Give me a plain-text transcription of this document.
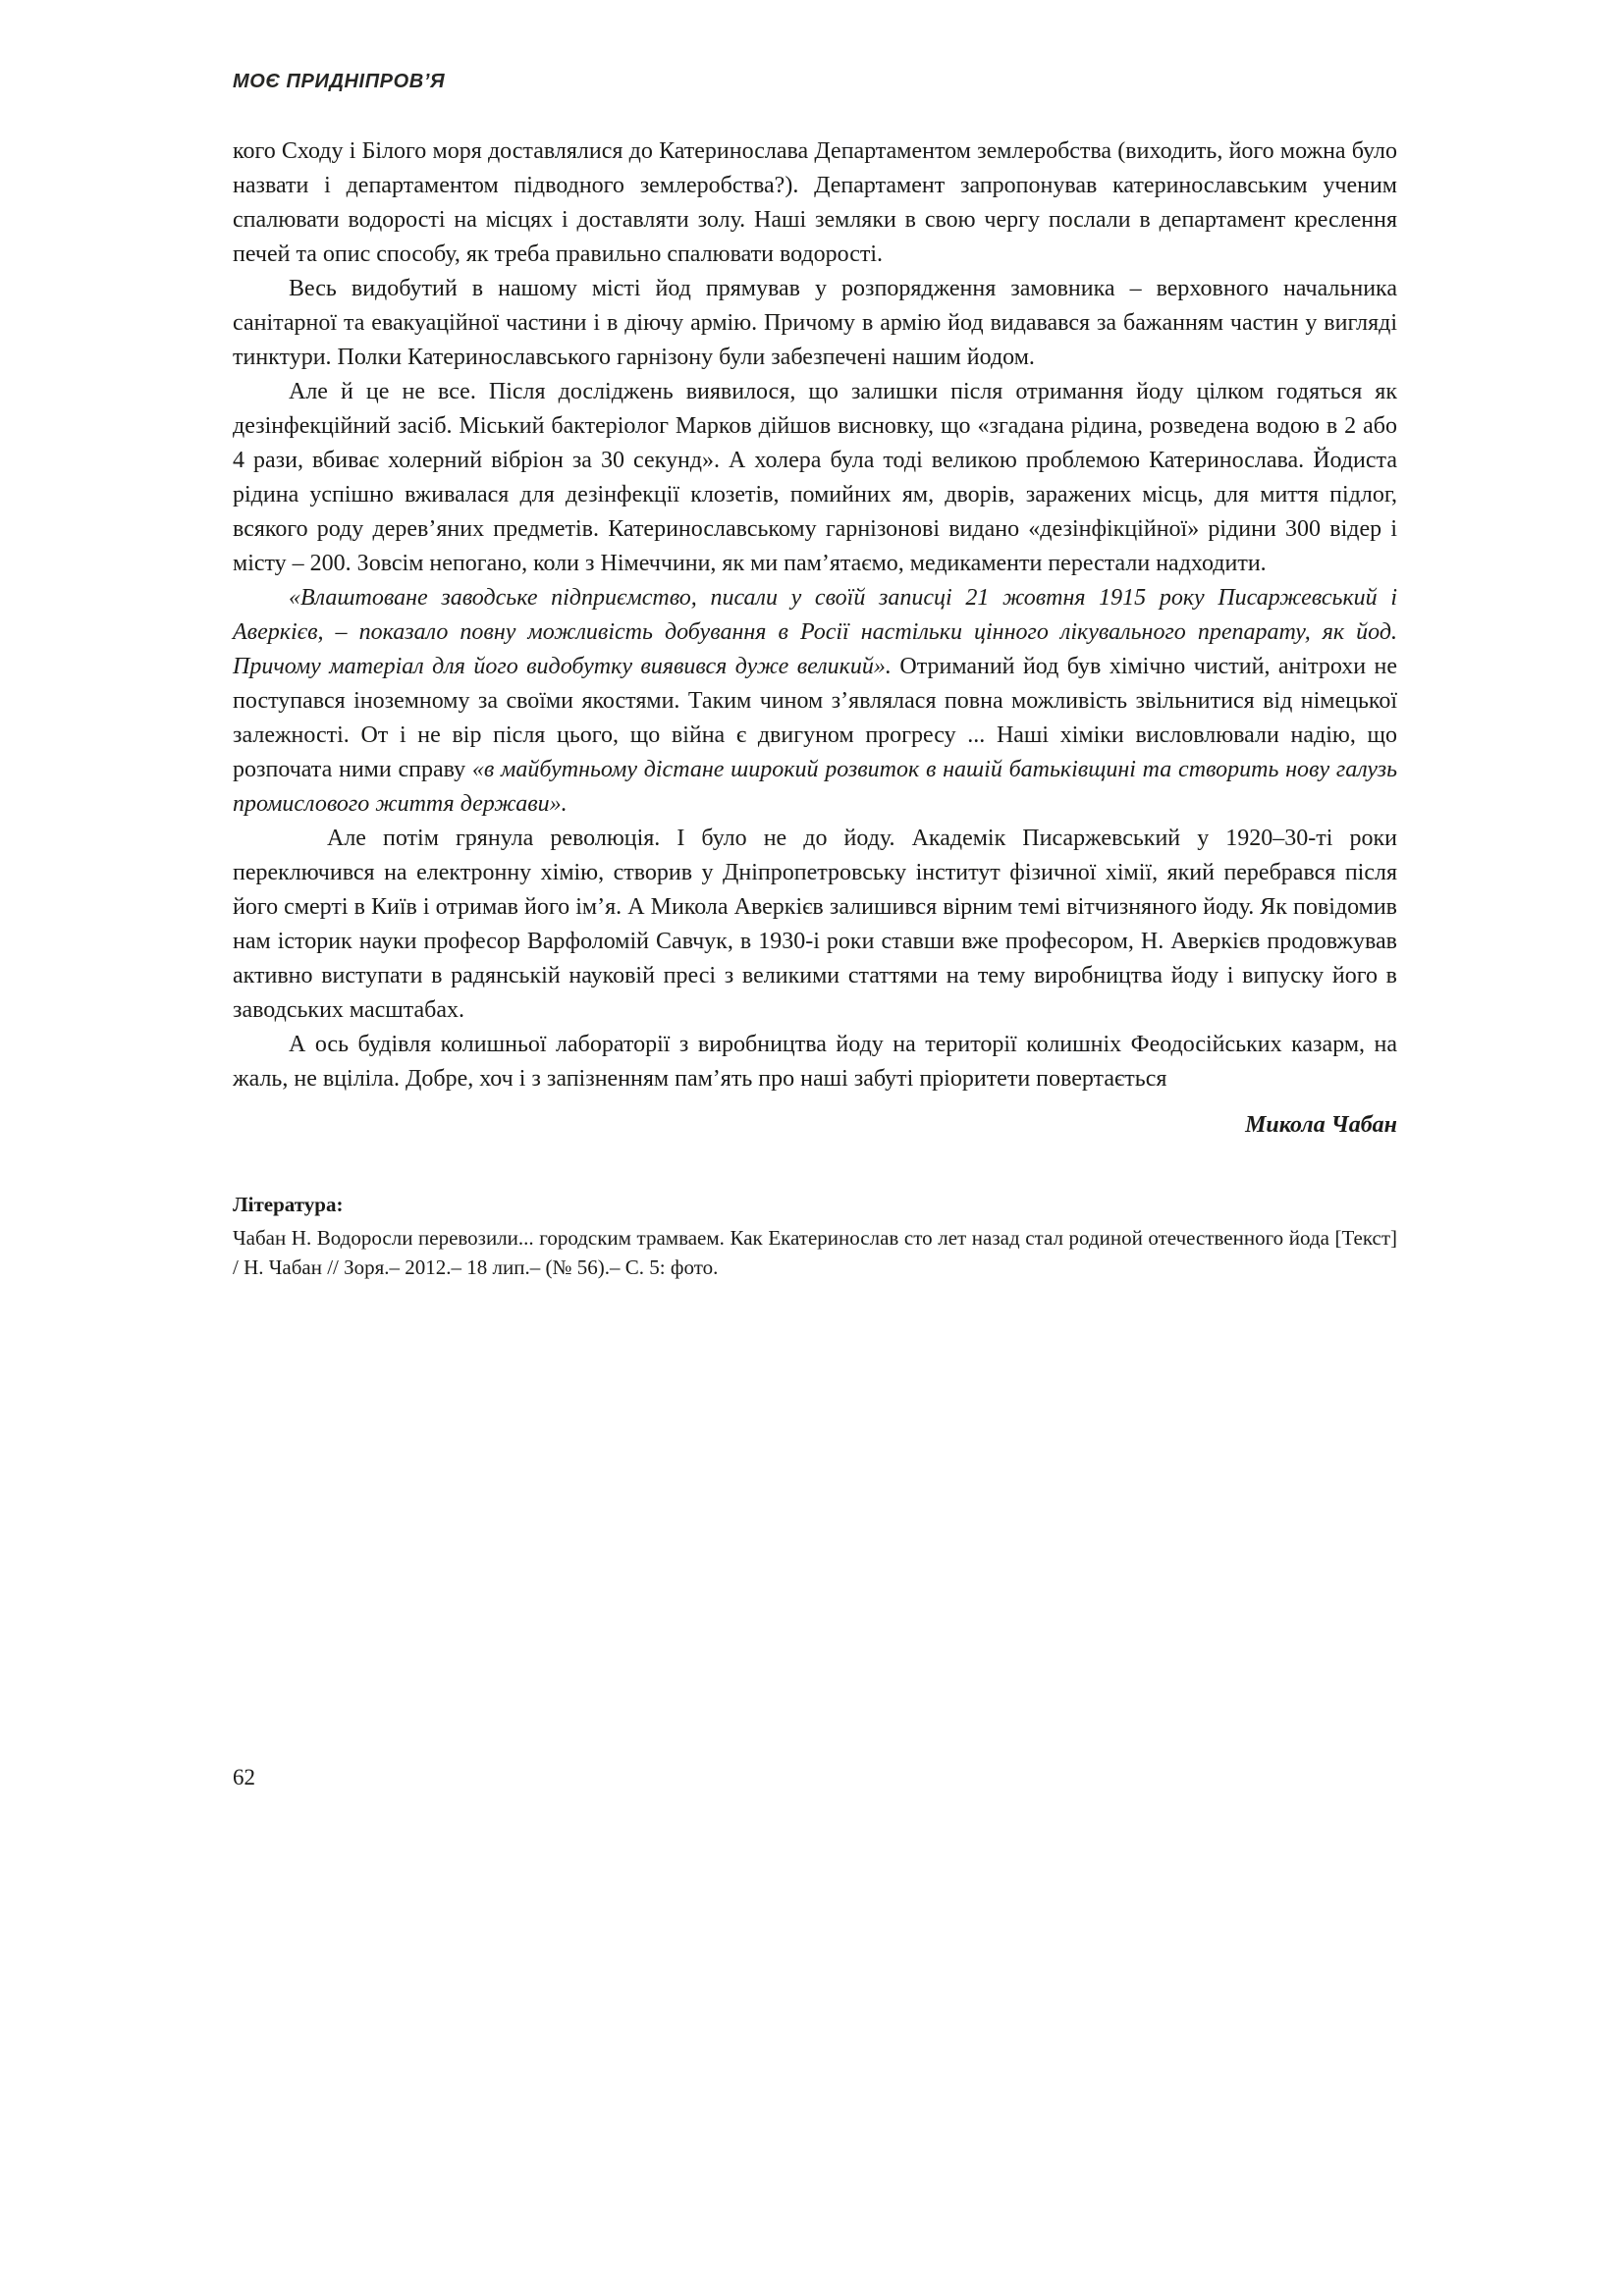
МОЄ ПРИДНІПРОВ’Я

кого Сходу і Білого моря доставлялися до Катеринослава Департаментом землеробства (виходить, його можна було назвати і департаментом підводного землеробства?). Департамент запропонував катеринославським ученим спалювати водорості на місцях і доставляти золу. Наші земляки в свою чергу послали в департамент креслення печей та опис способу, як треба правильно спалювати водорості.

Весь видобутий в нашому місті йод прямував у розпорядження замовника – верховного начальника санітарної та евакуаційної частини і в діючу армію. Причому в армію йод видавався за бажанням частин у вигляді тинктури. Полки Катеринославського гарнізону були забезпечені нашим йодом.

Але й це не все. Після досліджень виявилося, що залишки після отримання йоду цілком годяться як дезінфекційний засіб. Міський бактеріолог Марков дійшов висновку, що «згадана рідина, розведена водою в 2 або 4 рази, вбиває холерний вібріон за 30 секунд». А холера була тоді великою проблемою Катеринослава. Йодиста рідина успішно вживалася для дезінфекції клозетів, помийних ям, дворів, заражених місць, для миття підлог, всякого роду дерев’яних предметів. Катеринославському гарнізонові видано «дезінфікційної» рідини 300 відер і місту – 200. Зовсім непогано, коли з Німеччини, як ми пам’ятаємо, медикаменти перестали надходити.

«Влаштоване заводське підприємство, писали у своїй записці 21 жовтня 1915 року Писаржевський і Аверкієв, – показало повну можливість добування в Росії настільки цінного лікувального препарату, як йод. Причому матеріал для його видобутку виявився дуже великий». Отриманий йод був хімічно чистий, анітрохи не поступався іноземному за своїми якостями. Таким чином з’являлася повна можливість звільнитися від німецької залежності. От і не вір після цього, що війна є двигуном прогресу ... Наші хіміки висловлювали надію, що розпочата ними справу «в майбутньому дістане широкий розвиток в нашій батьківщині та створить нову галузь промислового життя держави».

Але потім грянула революція. І було не до йоду. Академік Писаржевський у 1920–30-ті роки переключився на електронну хімію, створив у Дніпропетровську інститут фізичної хімії, який перебрався після його смерті в Київ і отримав його ім’я. А Микола Аверкієв залишився вірним темі вітчизняного йоду. Як повідомив нам історик науки професор Варфоломій Савчук, в 1930-і роки ставши вже професором, Н. Аверкієв продовжував активно виступати в радянській науковій пресі з великими статтями на тему виробництва йоду і випуску його в заводських масштабах.

А ось будівля колишньої лабораторії з виробництва йоду на території колишніх Феодосійських казарм, на жаль, не вціліла. Добре, хоч і з запізненням пам’ять про наші забуті пріоритети повертається

Микола Чабан
Література:

Чабан Н. Водоросли перевозили... городским трамваем. Как Екатеринослав сто лет назад стал родиной отечественного йода [Текст] / Н. Чабан // Зоря.– 2012.– 18 лип.– (№ 56).– С. 5: фото.

62
